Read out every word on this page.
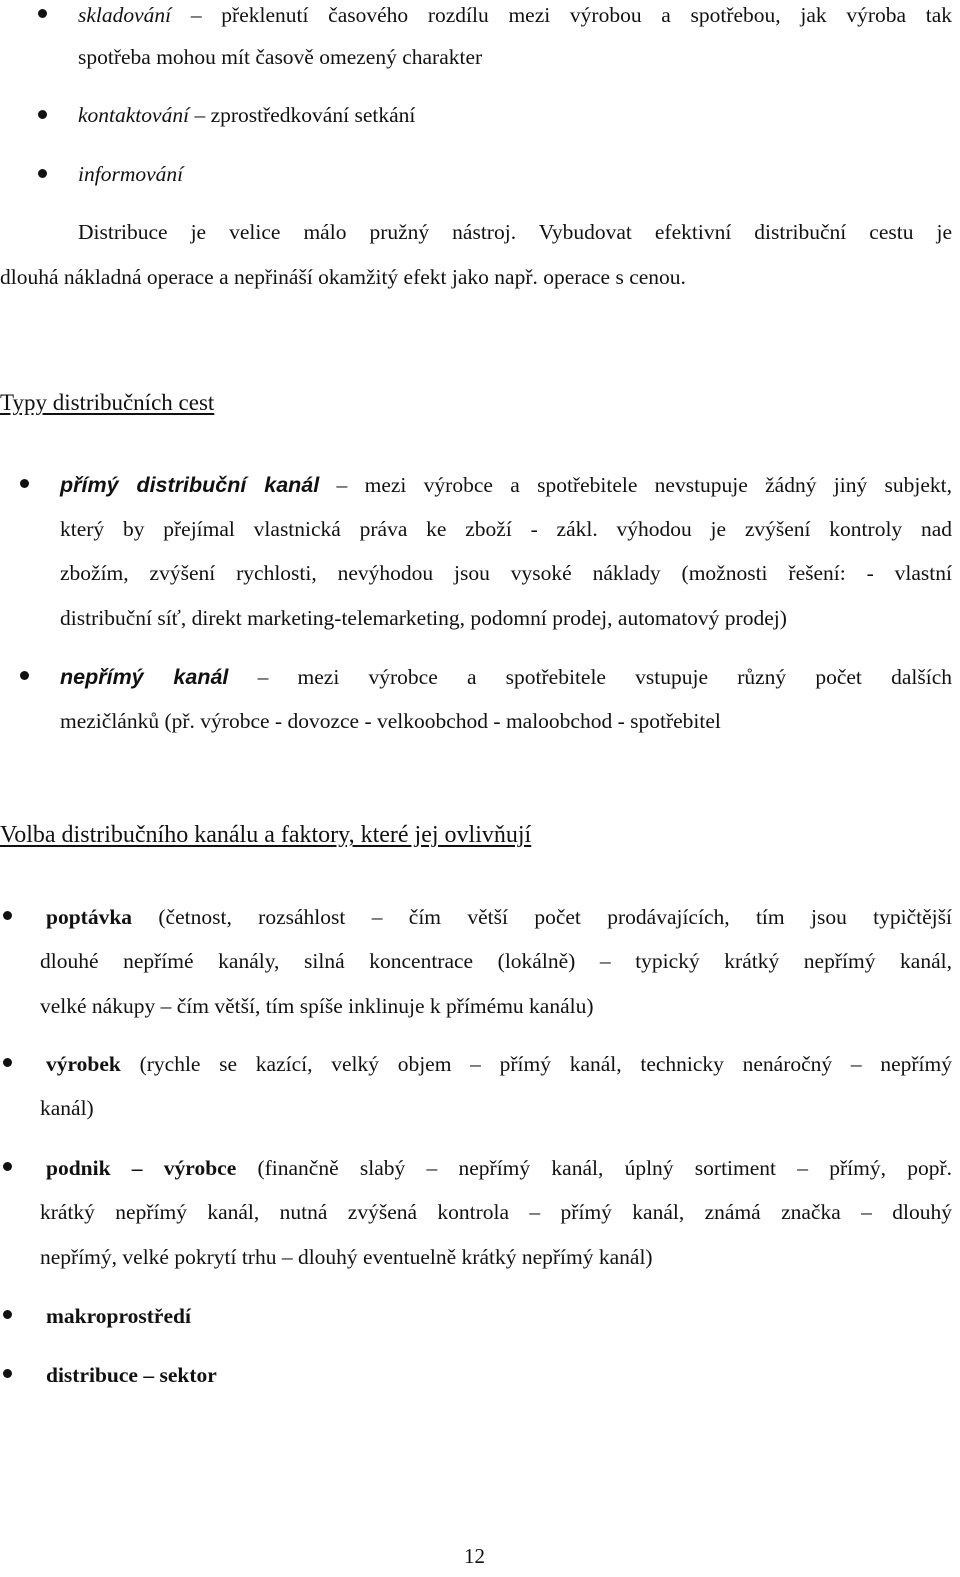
skladování – překlenutí časového rozdílu mezi výrobou a spotřebou, jak výroba tak
spotřeba mohou mít časově omezený charakter
kontaktování – zprostředkování setkání
informování
Distribuce je velice málo pružný nástroj. Vybudovat efektivní distribuční cestu je
dlouhá nákladná operace a nepřináší okamžitý efekt jako např. operace s cenou.
Typy distribučních cest
přímý distribuční kanál – mezi výrobce a spotřebitele nevstupuje žádný jiný subjekt,
který by přejímal vlastnická práva ke zboží - zákl. výhodou je zvýšení kontroly nad
zbožím, zvýšení rychlosti, nevýhodou jsou vysoké náklady (možnosti řešení: - vlastní
distribuční síť, direkt marketing-telemarketing, podomní prodej, automatový prodej)
nepřímý kanál – mezi výrobce a spotřebitele vstupuje různý počet dalších
mezičlánků (př. výrobce - dovozce - velkoobchod - maloobchod - spotřebitel
Volba distribučního kanálu a faktory, které jej ovlivňují
poptávka (četnost, rozsáhlost – čím větší počet prodávajících, tím jsou typičtější
dlouhé nepřímé kanály, silná koncentrace (lokálně) – typický krátký nepřímý kanál,
velké nákupy – čím větší, tím spíše inklinuje k přímému kanálu)
výrobek (rychle se kazící, velký objem – přímý kanál, technicky nenáročný – nepřímý
kanál)
podnik – výrobce (finančně slabý – nepřímý kanál, úplný sortiment – přímý, popř.
krátký nepřímý kanál, nutná zvýšená kontrola – přímý kanál, známá značka – dlouhý
nepřímý, velké pokrytí trhu – dlouhý eventuelně krátký nepřímý kanál)
makroprostředí
distribuce – sektor
12
